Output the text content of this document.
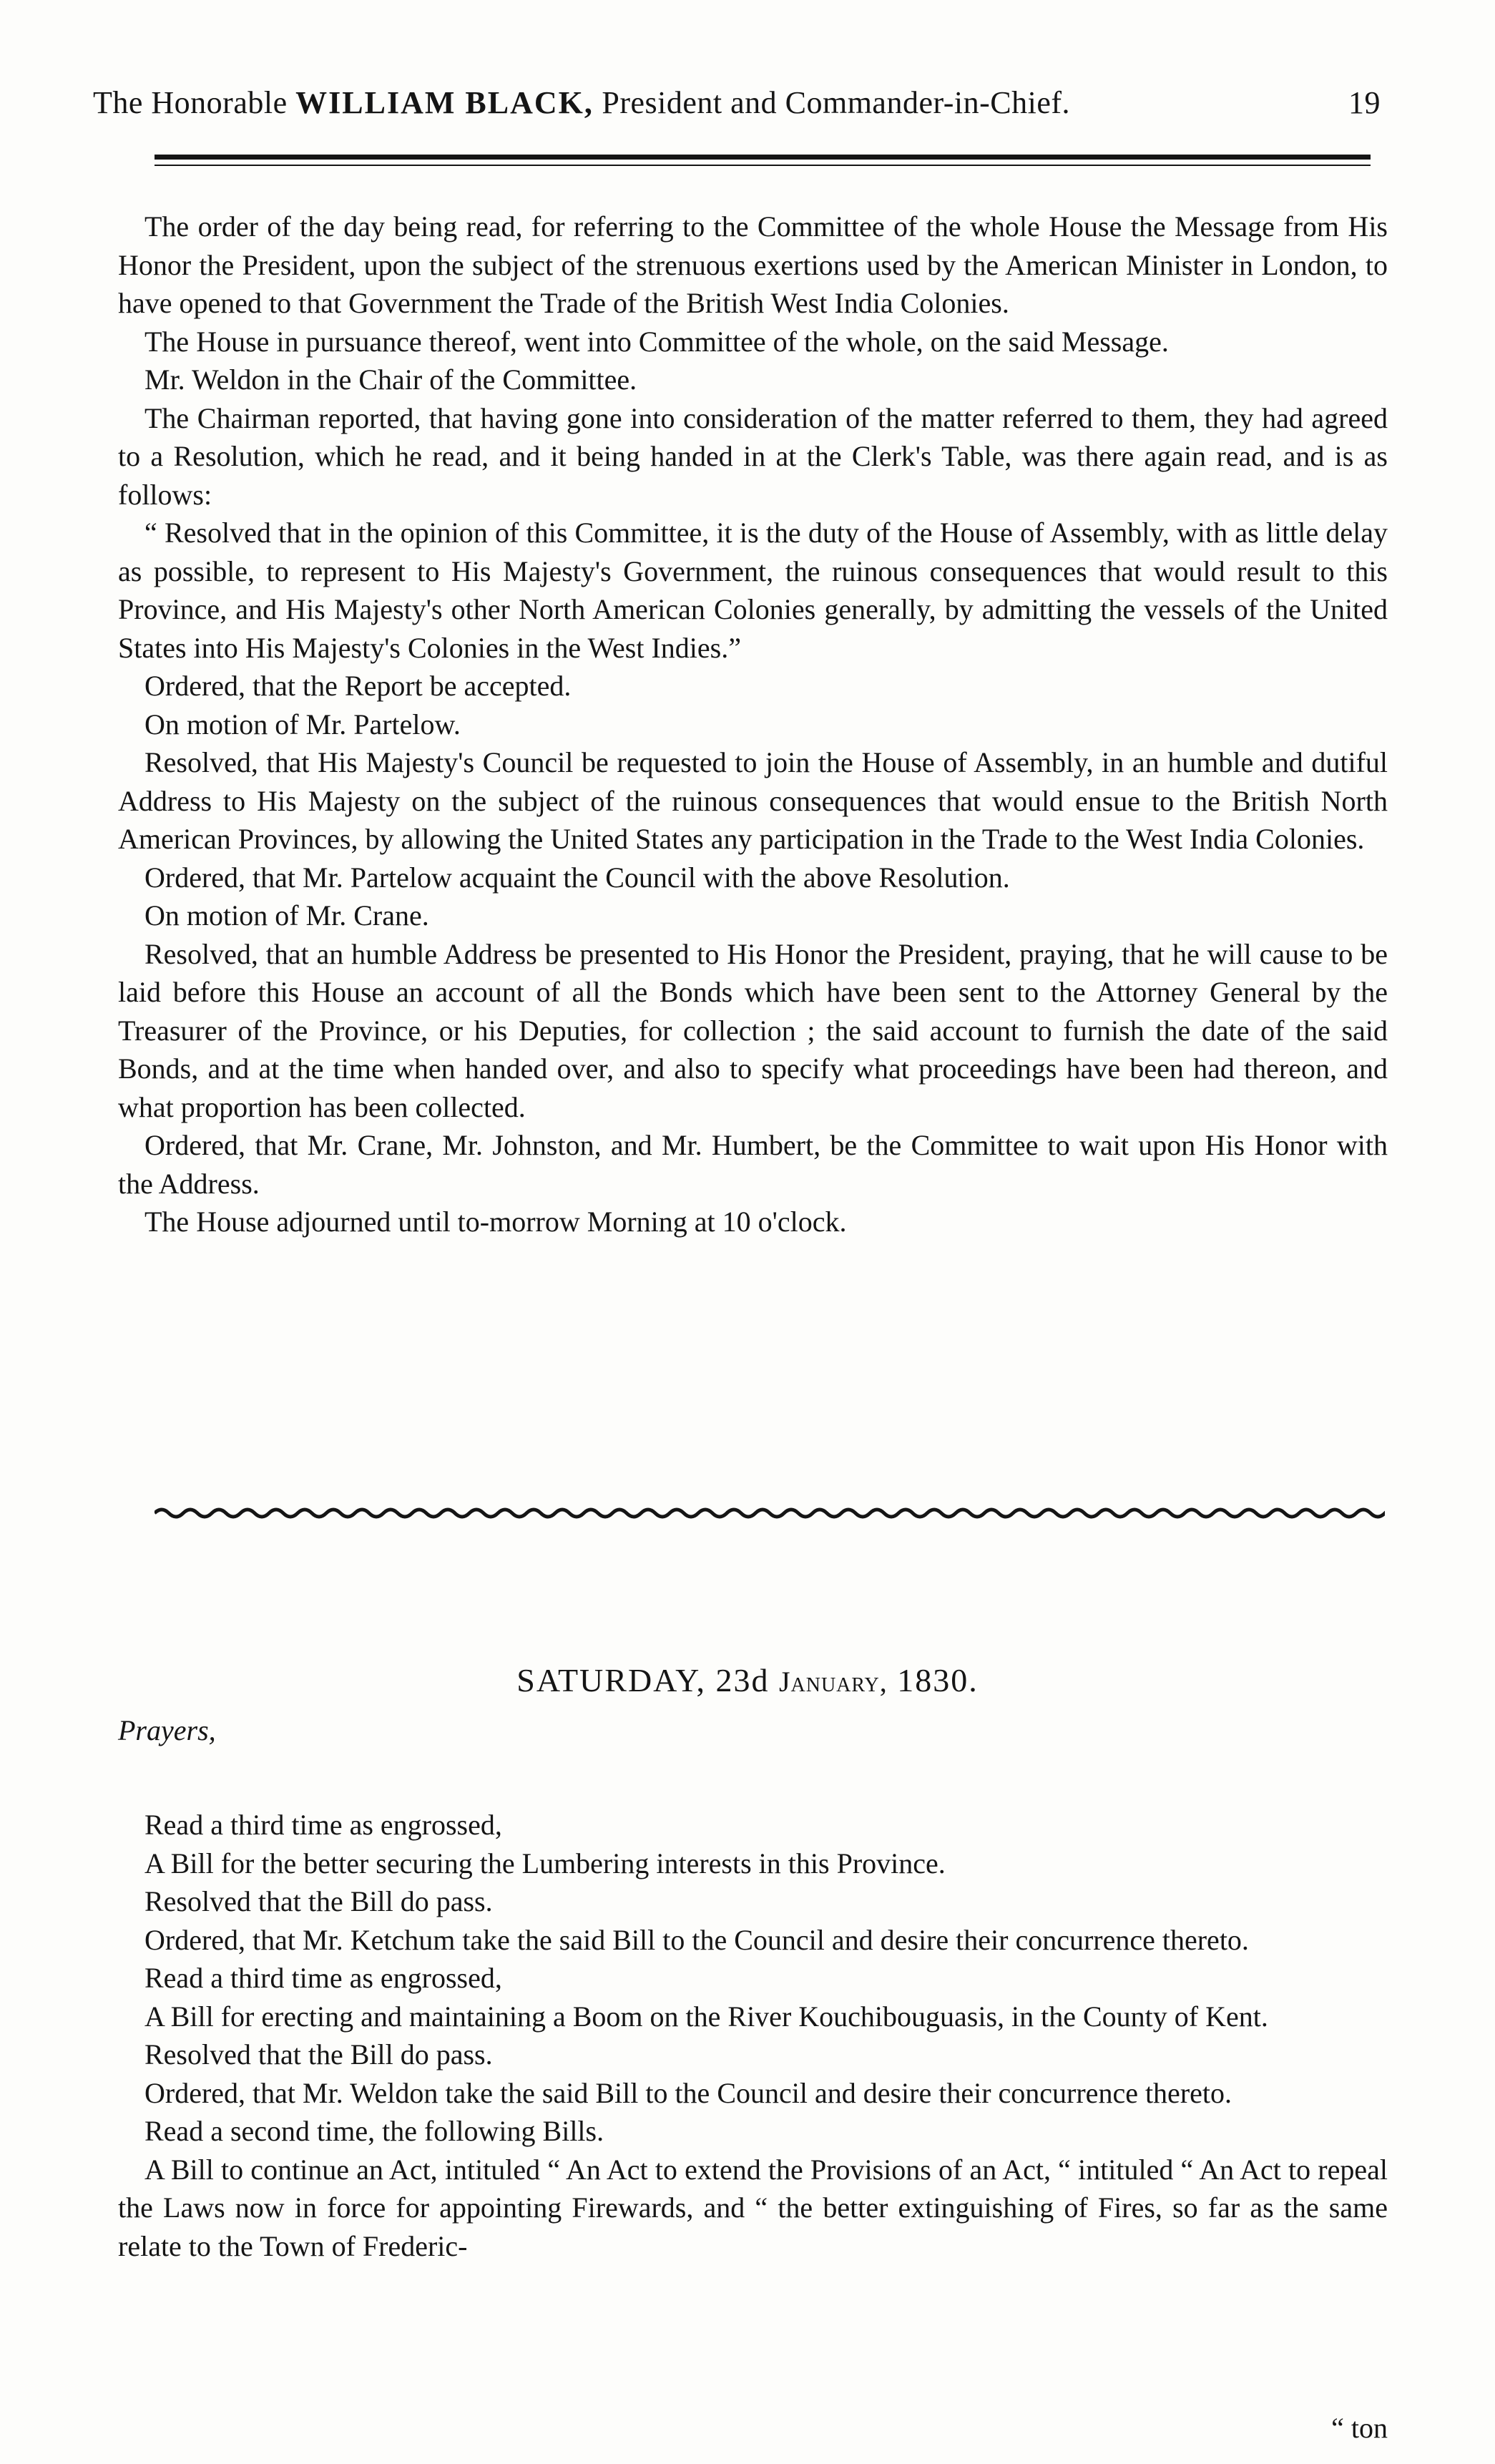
The Honorable WILLIAM BLACK, President and Commander-in-Chief.	19

The order of the day being read, for referring to the Committee of the whole House the Message from His Honor the President, upon the subject of the strenuous exertions used by the American Minister in London, to have opened to that Government the Trade of the British West India Colonies.

The House in pursuance thereof, went into Committee of the whole, on the said Message.

Mr. Weldon in the Chair of the Committee.

The Chairman reported, that having gone into consideration of the matter referred to them, they had agreed to a Resolution, which he read, and it being handed in at the Clerk's Table, was there again read, and is as follows:

“ Resolved that in the opinion of this Committee, it is the duty of the House of Assembly, with as little delay as possible, to represent to His Majesty's Government, the ruinous consequences that would result to this Province, and His Majesty's other North American Colonies generally, by admitting the vessels of the United States into His Majesty's Colonies in the West Indies.”

Ordered, that the Report be accepted.

On motion of Mr. Partelow.

Resolved, that His Majesty's Council be requested to join the House of Assembly, in an humble and dutiful Address to His Majesty on the subject of the ruinous consequences that would ensue to the British North American Provinces, by allowing the United States any participation in the Trade to the West India Colonies.

Ordered, that Mr. Partelow acquaint the Council with the above Resolution.

On motion of Mr. Crane.

Resolved, that an humble Address be presented to His Honor the President, praying, that he will cause to be laid before this House an account of all the Bonds which have been sent to the Attorney General by the Treasurer of the Province, or his Deputies, for collection ; the said account to furnish the date of the said Bonds, and at the time when handed over, and also to specify what proceedings have been had thereon, and what proportion has been collected.

Ordered, that Mr. Crane, Mr. Johnston, and Mr. Humbert, be the Committee to wait upon His Honor with the Address.

The House adjourned until to-morrow Morning at 10 o'clock.

SATURDAY, 23d January, 1830.
Prayers,

Read a third time as engrossed,

A Bill for the better securing the Lumbering interests in this Province.

Resolved that the Bill do pass.

Ordered, that Mr. Ketchum take the said Bill to the Council and desire their concurrence thereto.

Read a third time as engrossed,

A Bill for erecting and maintaining a Boom on the River Kouchibouguasis, in the County of Kent.

Resolved that the Bill do pass.

Ordered, that Mr. Weldon take the said Bill to the Council and desire their concurrence thereto.

Read a second time, the following Bills.

A Bill to continue an Act, intituled “ An Act to extend the Provisions of an Act, “ intituled “ An Act to repeal the Laws now in force for appointing Firewards, and “ the better extinguishing of Fires, so far as the same relate to the Town of Frederic-

“ ton
